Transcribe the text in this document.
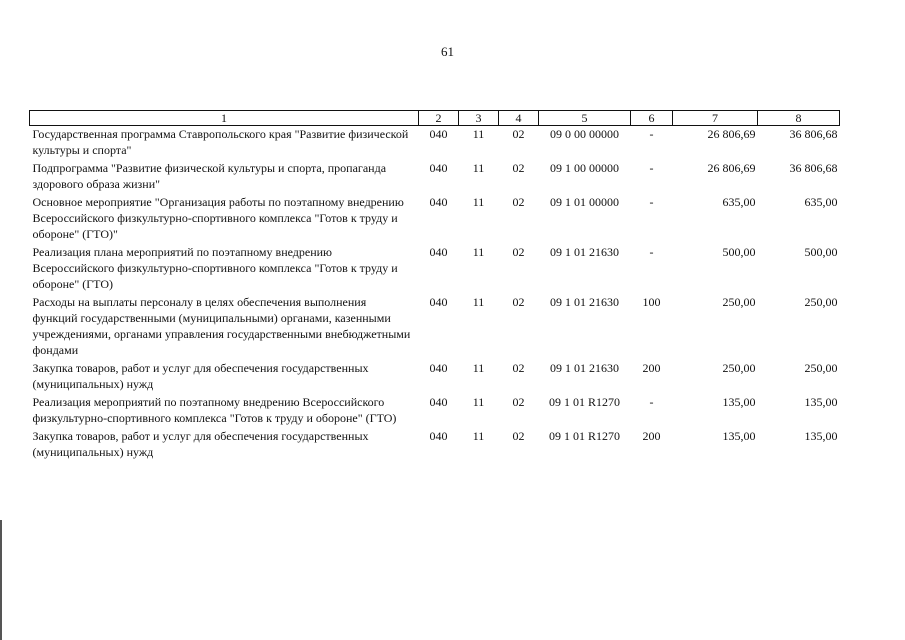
61
1	2	3	4	5	6	7	8
Государственная программа Ставропольского края "Развитие физической культуры и спорта"	040	11	02	09 0 00 00000	-	26 806,69	36 806,68
Подпрограмма "Развитие физической культуры и спорта, пропаганда здорового образа жизни"	040	11	02	09 1 00 00000	-	26 806,69	36 806,68
Основное мероприятие "Организация работы по поэтапному внедрению Всероссийского физкультурно-спортивного комплекса "Готов к труду и обороне" (ГТО)"	040	11	02	09 1 01 00000	-	635,00	635,00
Реализация плана мероприятий по поэтапному внедрению Всероссийского физкультурно-спортивного комплекса "Готов к труду и обороне" (ГТО)	040	11	02	09 1 01 21630	-	500,00	500,00
Расходы на выплаты персоналу в целях обеспечения выполнения функций государственными (муниципальными) органами, казенными учреждениями, органами управления государственными внебюджетными фондами	040	11	02	09 1 01 21630	100	250,00	250,00
Закупка товаров, работ и услуг для обеспечения государственных (муниципальных) нужд	040	11	02	09 1 01 21630	200	250,00	250,00
Реализация мероприятий по поэтапному внедрению Всероссийского физкультурно-спортивного комплекса "Готов к труду и обороне" (ГТО)	040	11	02	09 1 01 R1270	-	135,00	135,00
Закупка товаров, работ и услуг для обеспечения государственных (муниципальных) нужд	040	11	02	09 1 01 R1270	200	135,00	135,00
